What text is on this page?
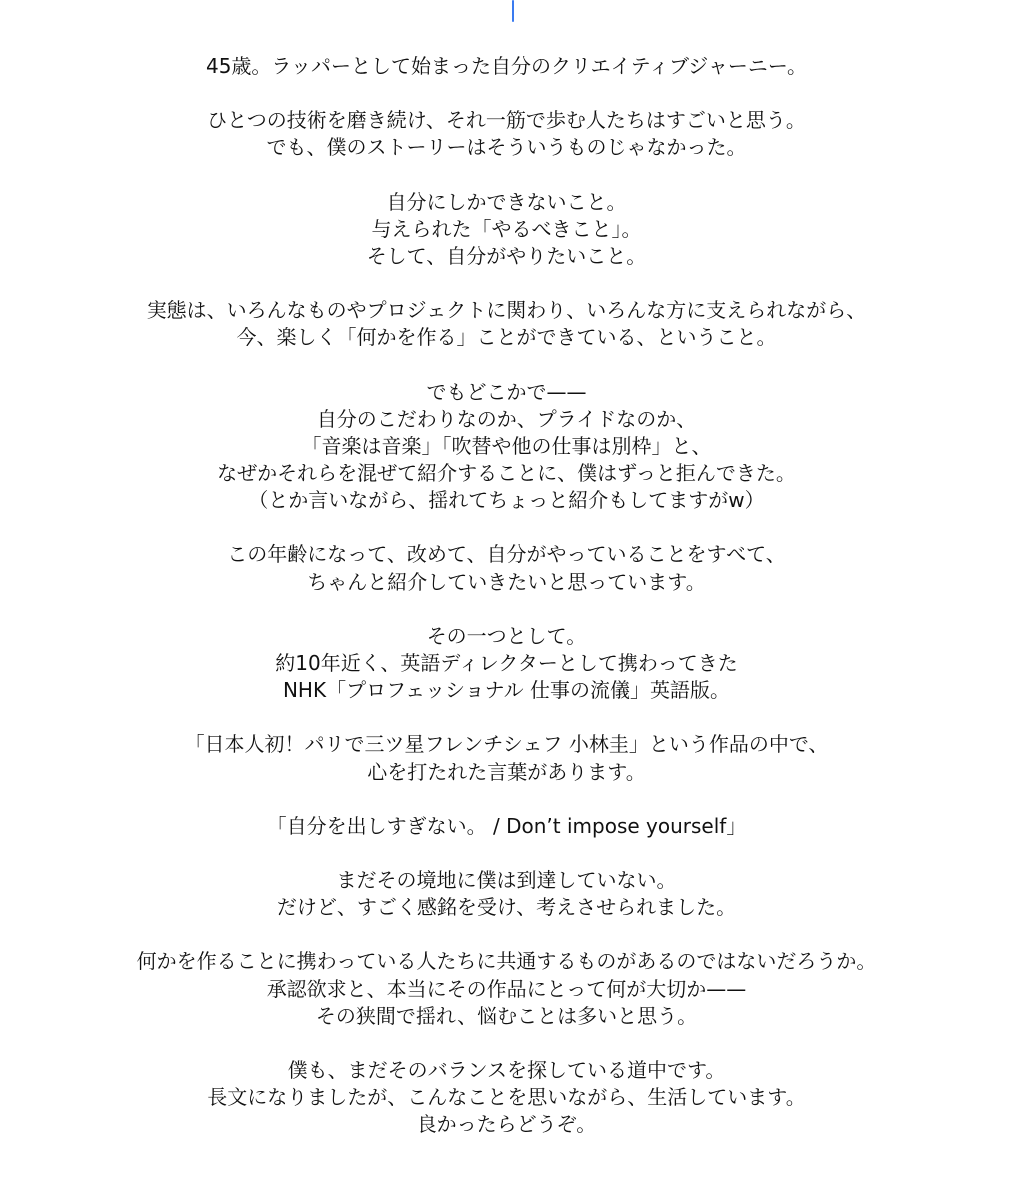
45歳。ラッパーとして始まった自分のクリエイティブジャーニー。
ひとつの技術を磨き続け、それ一筋で歩む人たちはすごいと思う。
でも、僕のストーリーはそういうものじゃなかった。
自分にしかできないこと。
与えられた「やるべきこと」。
そして、自分がやりたいこと。
実態は、いろんなものやプロジェクトに関わり、いろんな方に支えられながら、
今、楽しく「何かを作る」ことができている、ということ。
でもどこかで——
自分のこだわりなのか、プライドなのか、
「音楽は音楽」「吹替や他の仕事は別枠」と、
なぜかそれらを混ぜて紹介することに、僕はずっと拒んできた。
（とか言いながら、揺れてちょっと紹介もしてますがw）
この年齢になって、改めて、自分がやっていることをすべて、
ちゃんと紹介していきたいと思っています。
その一つとして。
約10年近く、英語ディレクターとして携わってきた
NHK「プロフェッショナル 仕事の流儀」英語版。
「日本人初！パリで三ツ星フレンチシェフ 小林圭」という作品の中で、
心を打たれた言葉があります。
「自分を出しすぎない。 / Don’t impose yourself」
まだその境地に僕は到達していない。
だけど、すごく感銘を受け、考えさせられました。
何かを作ることに携わっている人たちに共通するものがあるのではないだろうか。
承認欲求と、本当にその作品にとって何が大切か——
その狭間で揺れ、悩むことは多いと思う。
僕も、まだそのバランスを探している道中です。
長文になりましたが、こんなことを思いながら、生活しています。
良かったらどうぞ。
